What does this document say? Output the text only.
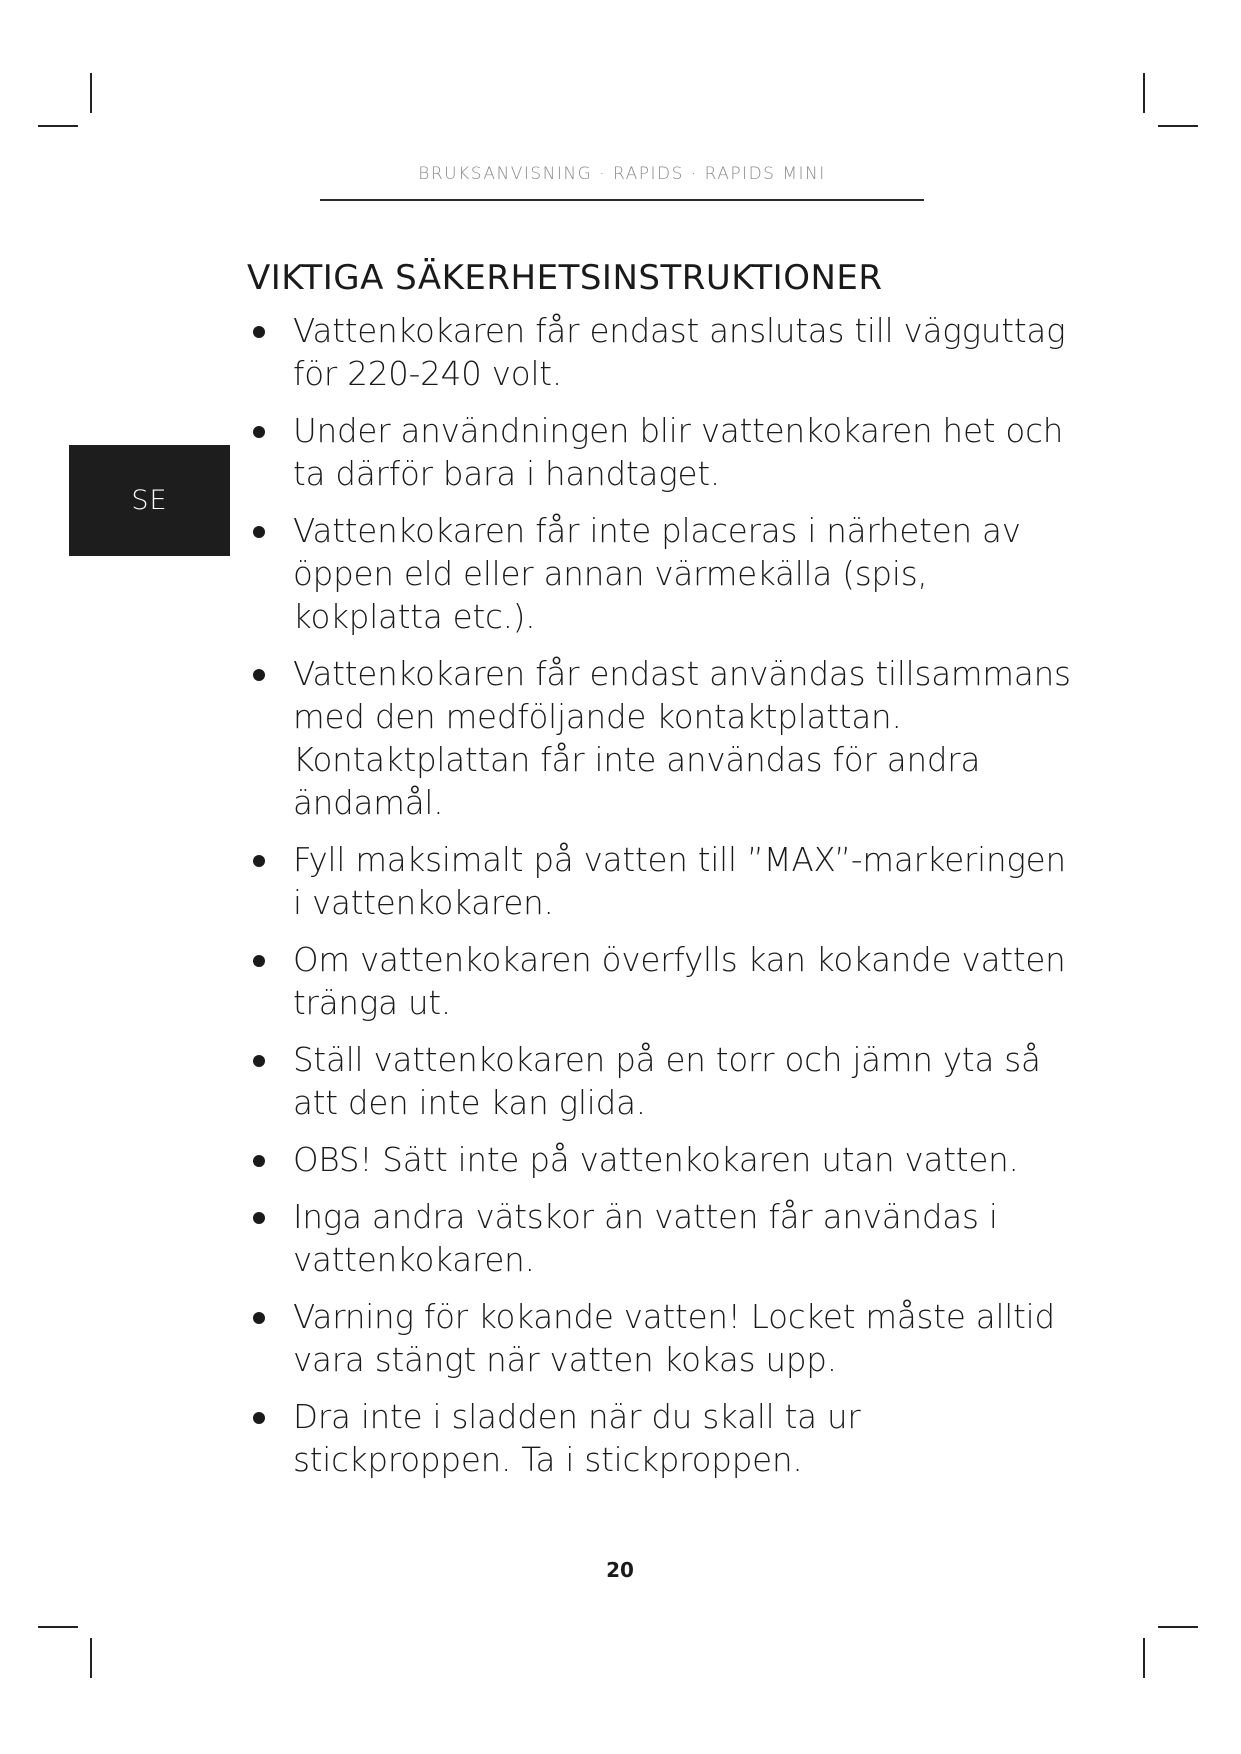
BRUKSANVISNING · RAPIDS · RAPIDS MINI
SE
VIKTIGA SÄKERHETSINSTRUKTIONER
Vattenkokaren får endast anslutas till vägguttag för 220-240 volt.
Under användningen blir vattenkokaren het och ta därför bara i handtaget.
Vattenkokaren får inte placeras i närheten av öppen eld eller annan värmekälla (spis, kokplatta etc.).
Vattenkokaren får endast användas tillsammans med den medföljande kontaktplattan. Kontaktplattan får inte användas för andra ändamål.
Fyll maksimalt på vatten till ”MAX”-markeringen i vattenkokaren.
Om vattenkokaren överfylls kan kokande vatten tränga ut.
Ställ vattenkokaren på en torr och jämn yta så att den inte kan glida.
OBS! Sätt inte på vattenkokaren utan vatten.
Inga andra vätskor än vatten får användas i vattenkokaren.
Varning för kokande vatten! Locket måste alltid vara stängt när vatten kokas upp.
Dra inte i sladden när du skall ta ur stickproppen. Ta i stickproppen.
20
